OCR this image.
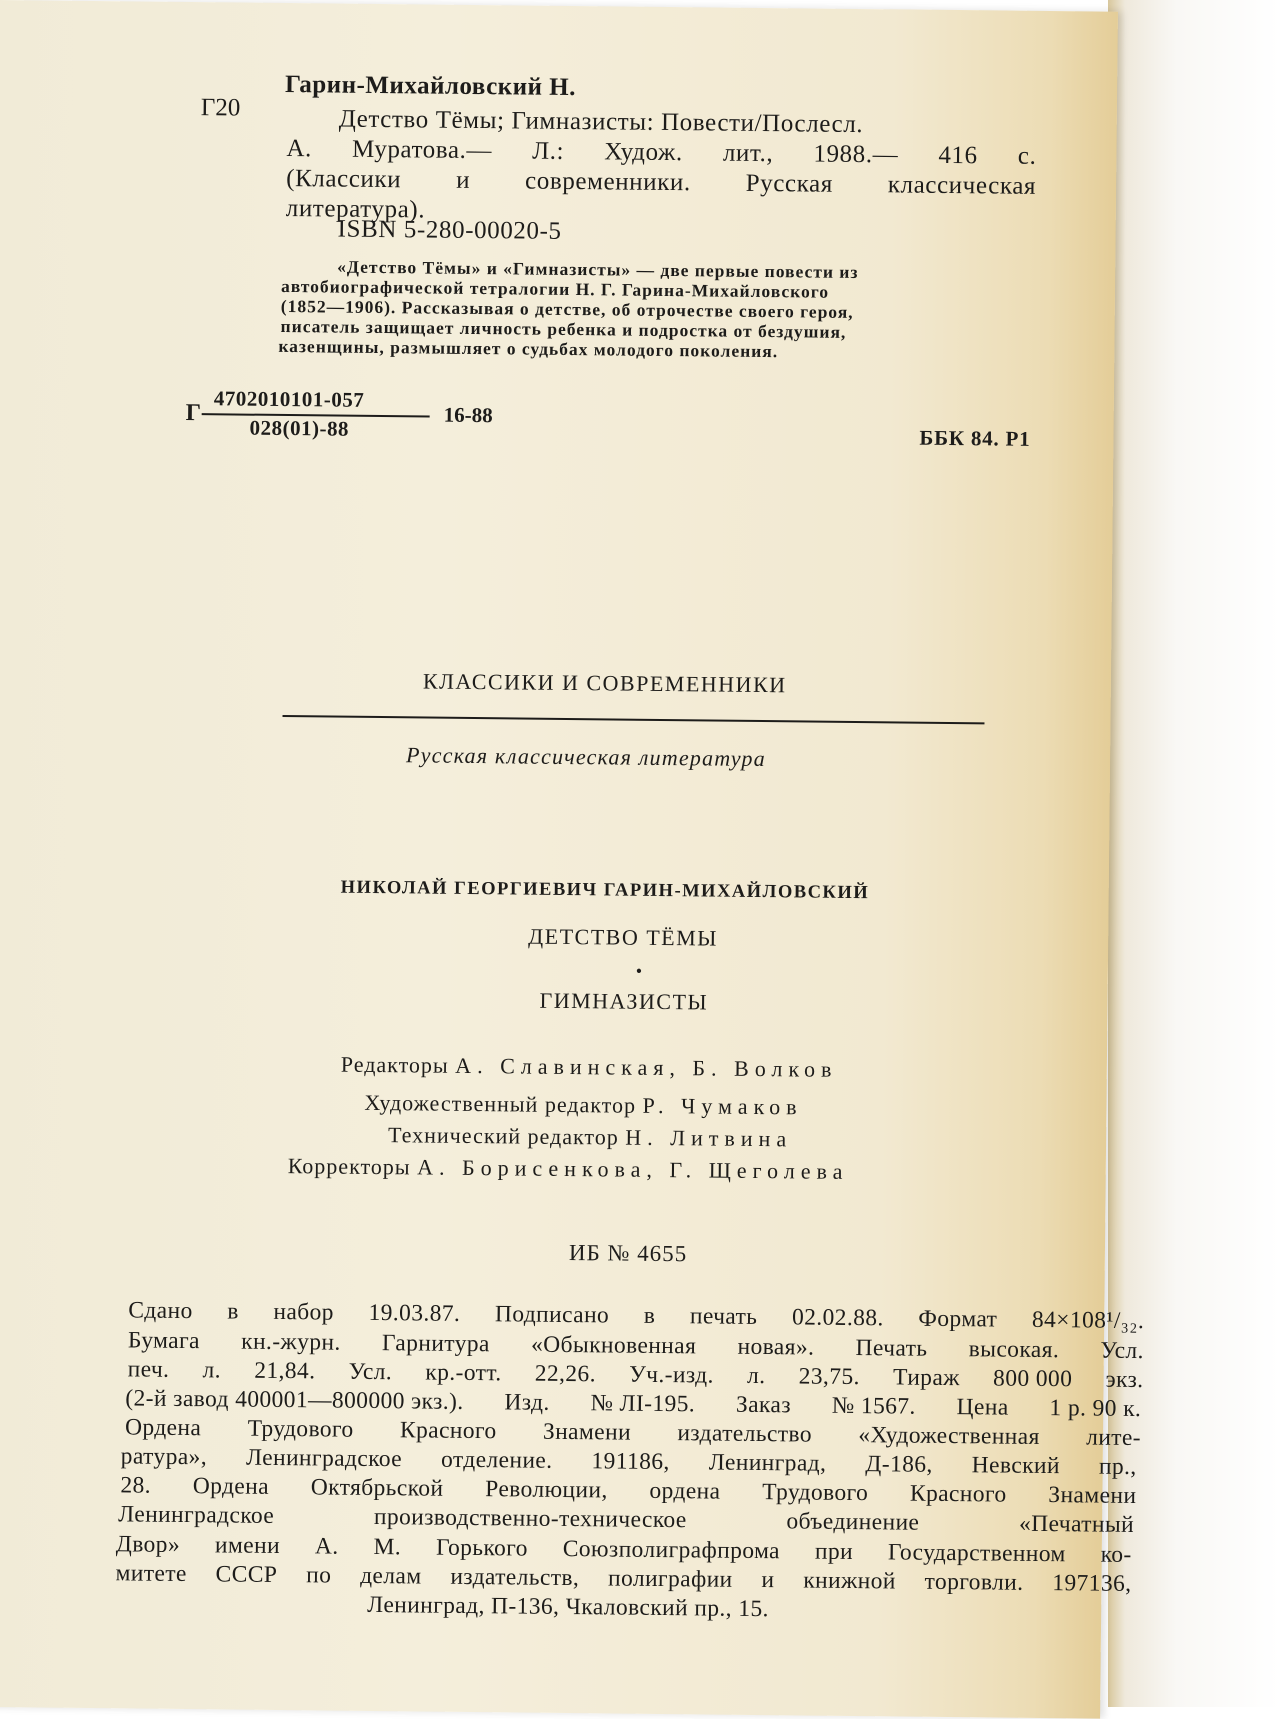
Г20
Гарин-Михайловский Н.
Детство Тёмы; Гимназисты: Повести/Послесл.
А. Муратова.— Л.: Худож. лит., 1988.— 416 с.
(Классики и современники. Русская классическая
литература).
ISBN 5-280-00020-5
«Детство Тёмы» и «Гимназисты» — две первые повести из
автобиографической тетралогии Н. Г. Гарина-Михайловского
(1852—1906). Рассказывая о детстве, об отрочестве своего героя,
писатель защищает личность ребенка и подростка от бездушия,
казенщины, размышляет о судьбах молодого поколения.
Г
4702010101-057
028(01)-88
16-88
ББК 84. Р1
КЛАССИКИ И СОВРЕМЕННИКИ
Русская классическая литература
НИКОЛАЙ ГЕОРГИЕВИЧ ГАРИН-МИХАЙЛОВСКИЙ
ДЕТСТВО ТЁМЫ
•
ГИМНАЗИСТЫ
Редакторы А. Славинская, Б. Волков
Художественный редактор Р. Чумаков
Технический редактор Н. Литвина
Корректоры А. Борисенкова, Г. Щеголева
ИБ № 4655
Сдано в набор 19.03.87. Подписано в печать 02.02.88. Формат 84×108¹/₃₂.
Бумага кн.-журн. Гарнитура «Обыкновенная новая». Печать высокая. Усл.
печ. л. 21,84. Усл. кр.-отт. 22,26. Уч.-изд. л. 23,75. Тираж 800 000 экз.
(2-й завод 400001—800000 экз.). Изд. № ЛІ-195. Заказ № 1567. Цена 1 р. 90 к.
Ордена Трудового Красного Знамени издательство «Художественная лите-
ратура», Ленинградское отделение. 191186, Ленинград, Д-186, Невский пр.,
28. Ордена Октябрьской Революции, ордена Трудового Красного Знамени
Ленинградское	производственно-техническое	объединение	«Печатный
Двор» имени А. М. Горького Союзполиграфпрома при Государственном ко-
митете СССР по делам издательств, полиграфии и книжной торговли. 197136,
Ленинград, П-136, Чкаловский пр., 15.
